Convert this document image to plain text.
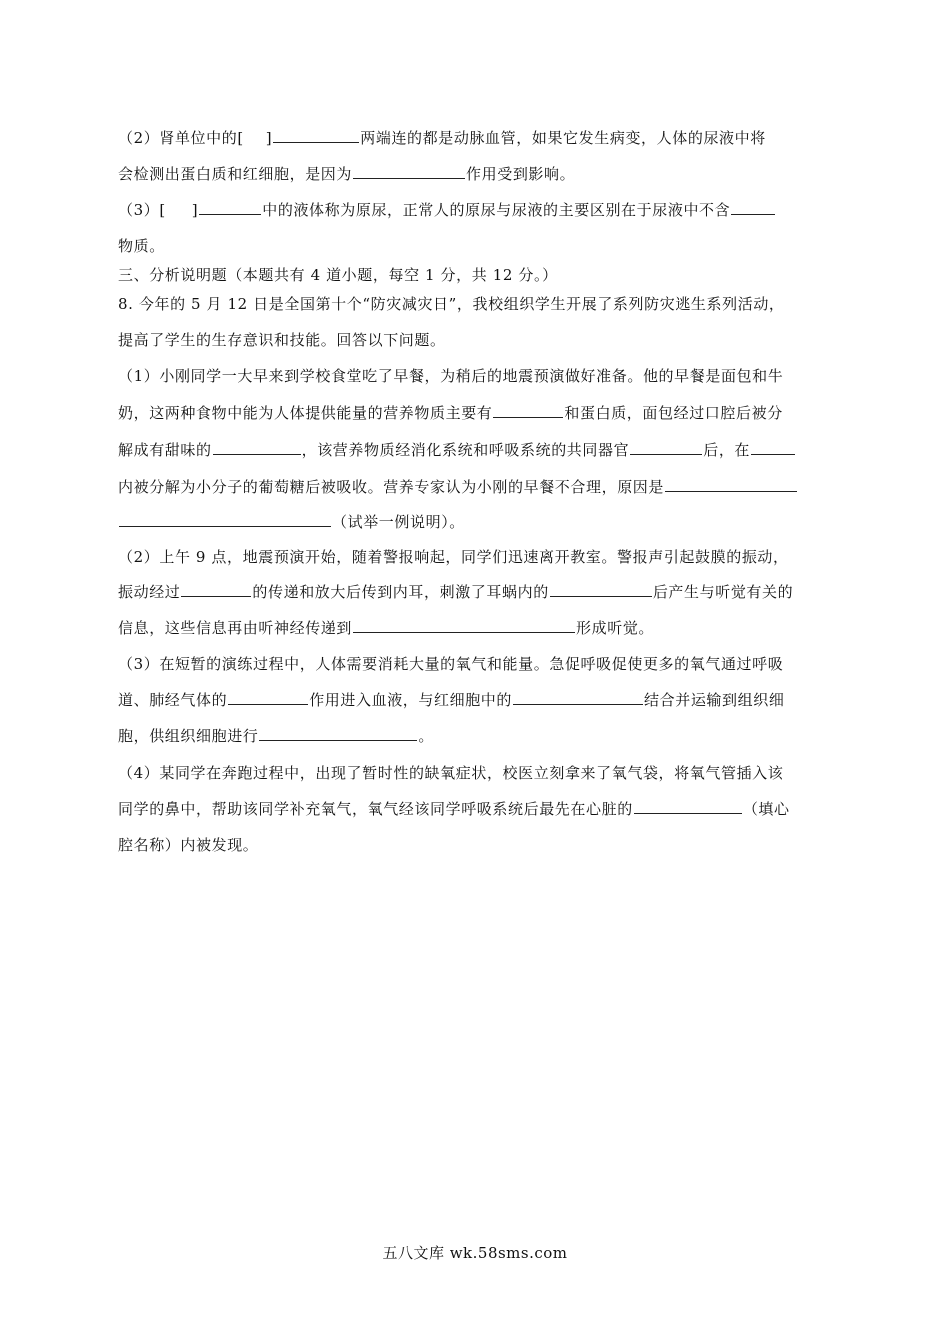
（2）肾单位中的[ ]	两端连的都是动脉血管，如果它发生病变，人体的尿液中将
会检测出蛋白质和红细胞，是因为	作用受到影响。
（3）[ ]	中的液体称为原尿，正常人的原尿与尿液的主要区别在于尿液中不含
物质。
三、分析说明题（本题共有 4 道小题，每空 1 分，共 12 分。）
8. 今年的 5 月 12 日是全国第十个“防灾减灾日”，我校组织学生开展了系列防灾逃生系列活动，
提高了学生的生存意识和技能。回答以下问题。
（1）小刚同学一大早来到学校食堂吃了早餐，为稍后的地震预演做好准备。他的早餐是面包和牛
奶，这两种食物中能为人体提供能量的营养物质主要有	和蛋白质，面包经过口腔后被分
解成有甜味的	，该营养物质经消化系统和呼吸系统的共同器官	后，在
内被分解为小分子的葡萄糖后被吸收。营养专家认为小刚的早餐不合理，原因是
（试举一例说明）。
（2）上午 9 点，地震预演开始，随着警报响起，同学们迅速离开教室。警报声引起鼓膜的振动，
振动经过	的传递和放大后传到内耳，刺激了耳蜗内的	后产生与听觉有关的
信息，这些信息再由听神经传递到	形成听觉。
（3）在短暂的演练过程中，人体需要消耗大量的氧气和能量。急促呼吸促使更多的氧气通过呼吸
道、肺经气体的	作用进入血液，与红细胞中的	结合并运输到组织细
胞，供组织细胞进行	。
（4）某同学在奔跑过程中，出现了暂时性的缺氧症状，校医立刻拿来了氧气袋，将氧气管插入该
同学的鼻中，帮助该同学补充氧气，氧气经该同学呼吸系统后最先在心脏的	（填心
腔名称）内被发现。
五八文库 wk.58sms.com
